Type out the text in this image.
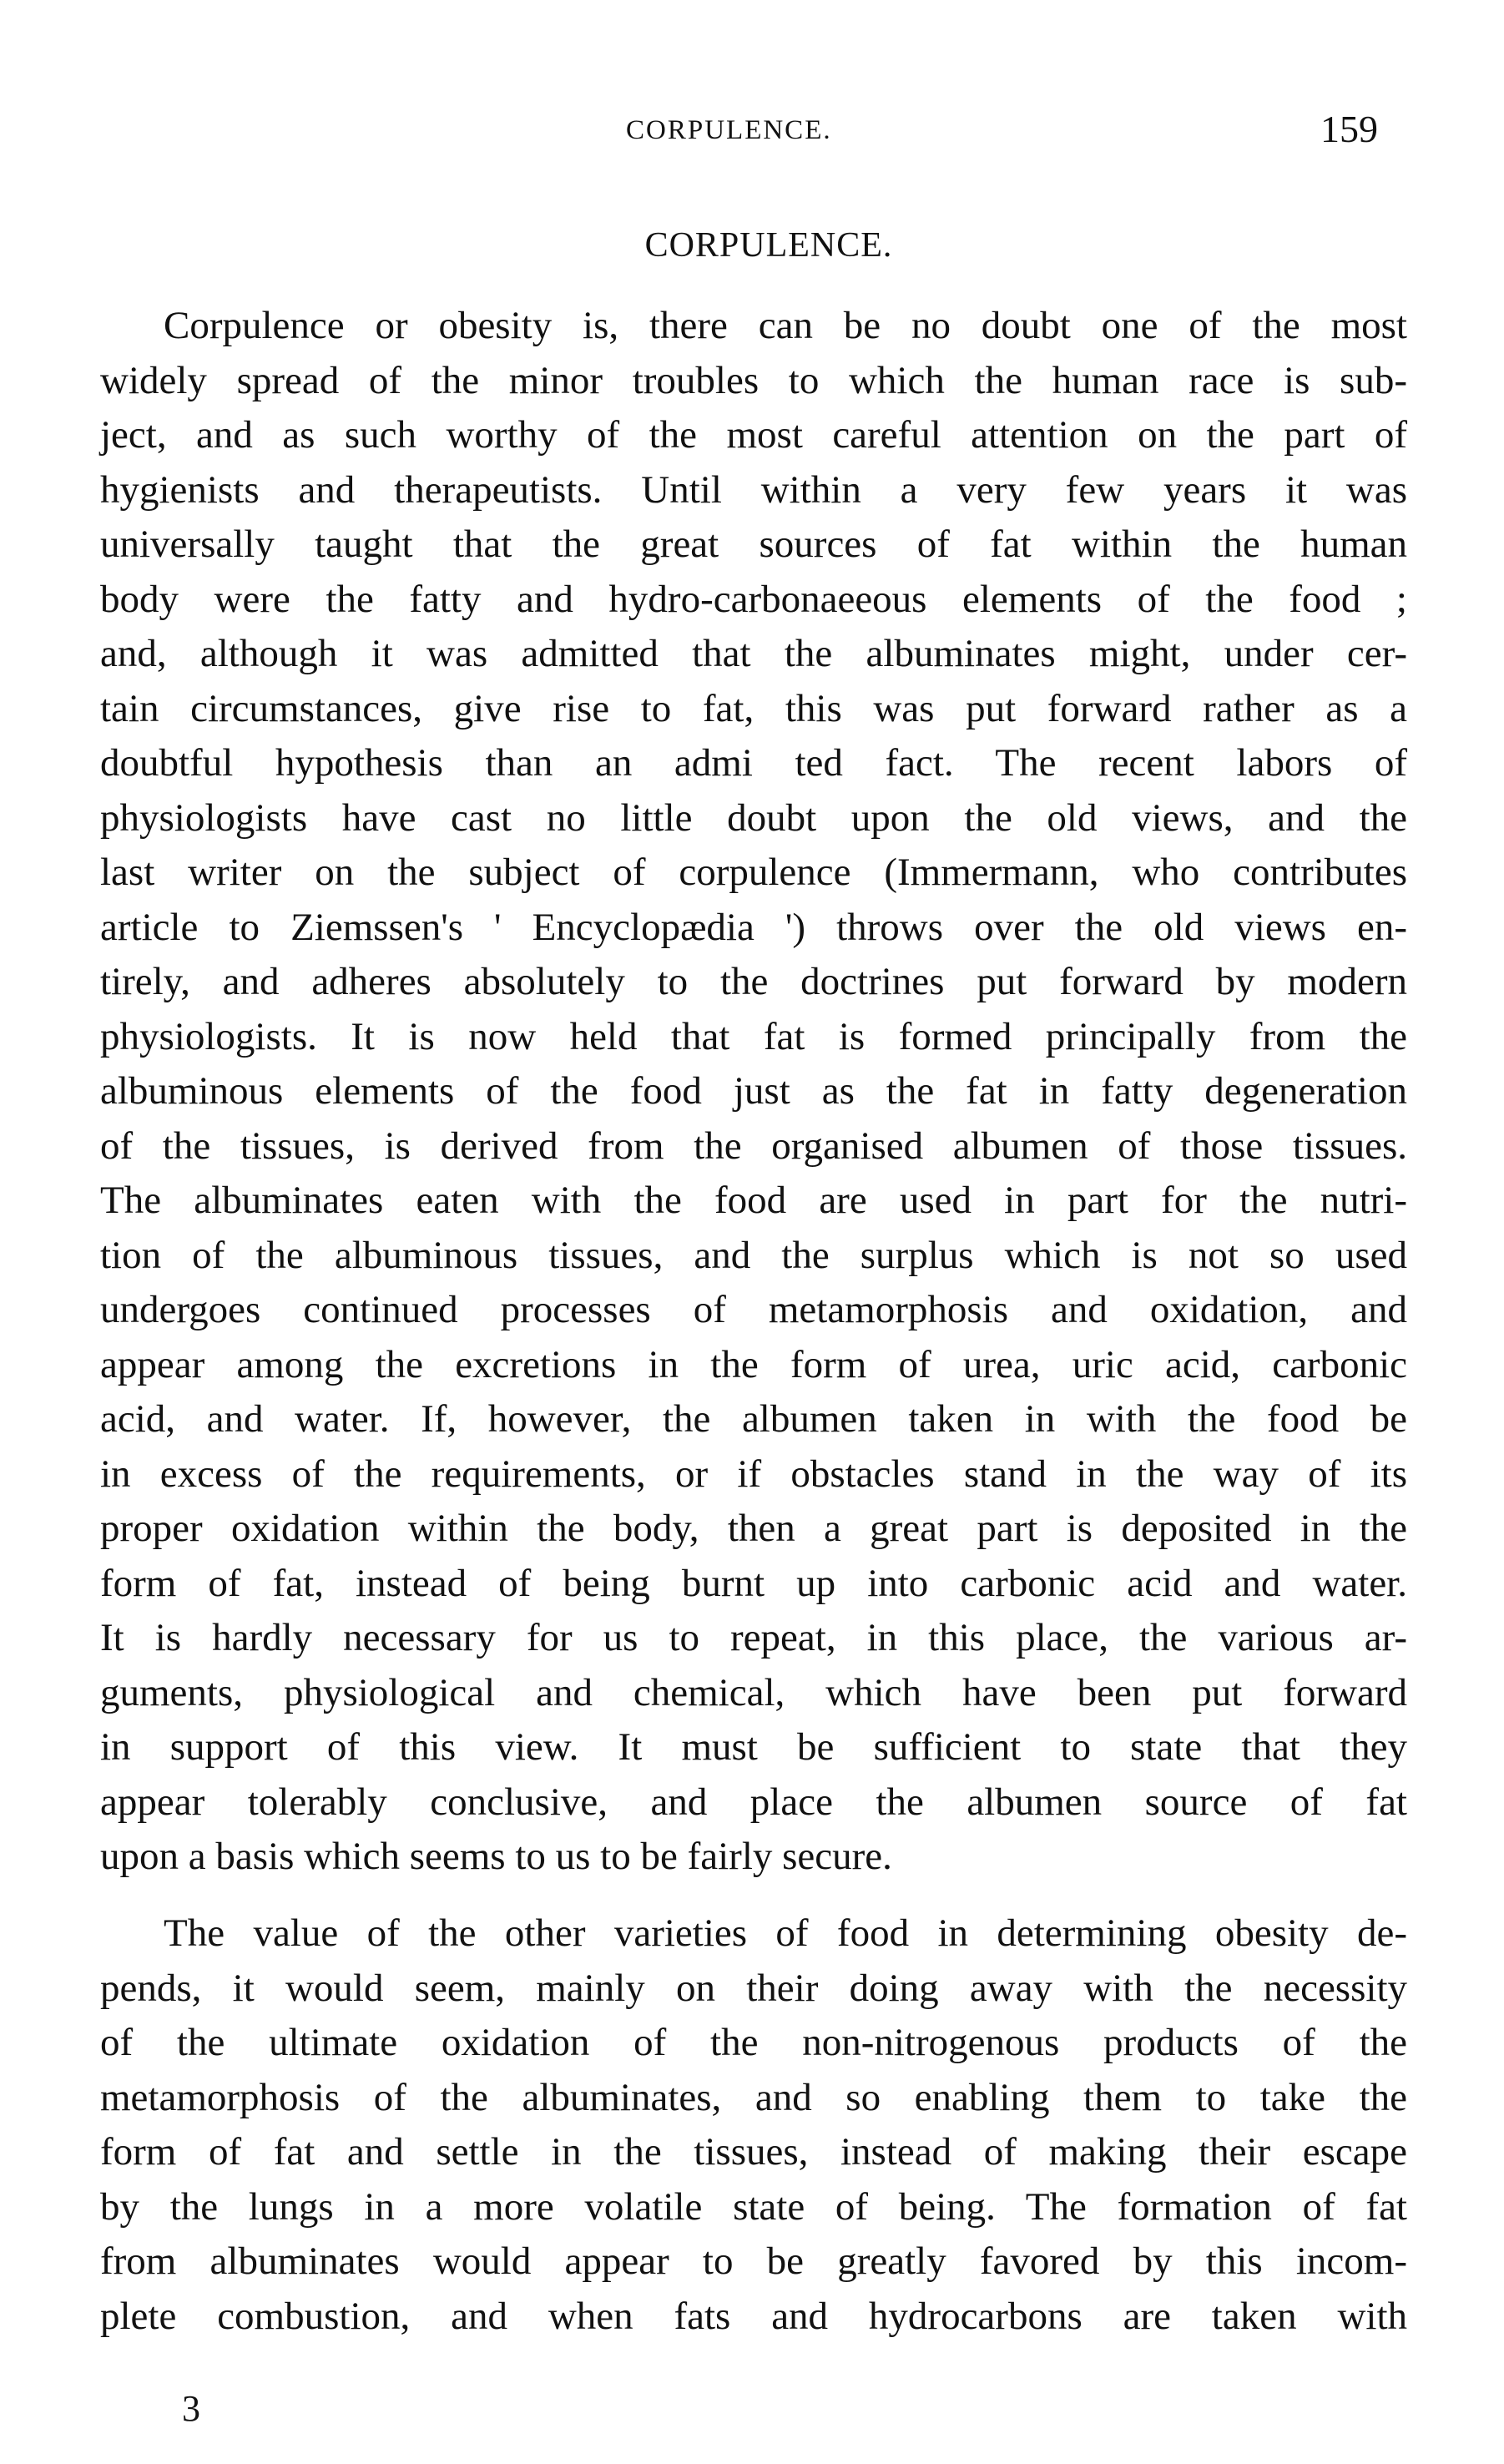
CORPULENCE.	159
CORPULENCE.
Corpulence or obesity is, there can be no doubt one of the most
widely spread of the minor troubles to which the human race is sub-
ject, and as such worthy of the most careful attention on the part of
hygienists and therapeutists. Until within a very few years it was
universally taught that the great sources of fat within the human
body were the fatty and hydro-carbonaeeous elements of the food ;
and, although it was admitted that the albuminates might, under cer-
tain circumstances, give rise to fat, this was put forward rather as a
doubtful hypothesis than an admi ted fact. The recent labors of
physiologists have cast no little doubt upon the old views, and the
last writer on the subject of corpulence (Immermann, who contributes
article to Ziemssen's ' Encyclopædia ') throws over the old views en-
tirely, and adheres absolutely to the doctrines put forward by modern
physiologists. It is now held that fat is formed principally from the
albuminous elements of the food just as the fat in fatty degeneration
of the tissues, is derived from the organised albumen of those tissues.
The albuminates eaten with the food are used in part for the nutri-
tion of the albuminous tissues, and the surplus which is not so used
undergoes continued processes of metamorphosis and oxidation, and
appear among the excretions in the form of urea, uric acid, carbonic
acid, and water. If, however, the albumen taken in with the food be
in excess of the requirements, or if obstacles stand in the way of its
proper oxidation within the body, then a great part is deposited in the
form of fat, instead of being burnt up into carbonic acid and water.
It is hardly necessary for us to repeat, in this place, the various ar-
guments, physiological and chemical, which have been put forward
in support of this view. It must be sufficient to state that they
appear tolerably conclusive, and place the albumen source of fat
upon a basis which seems to us to be fairly secure.
The value of the other varieties of food in determining obesity de-
pends, it would seem, mainly on their doing away with the necessity
of the ultimate oxidation of the non-nitrogenous products of the
metamorphosis of the albuminates, and so enabling them to take the
form of fat and settle in the tissues, instead of making their escape
by the lungs in a more volatile state of being. The formation of fat
from albuminates would appear to be greatly favored by this incom-
plete combustion, and when fats and hydrocarbons are taken with
3
